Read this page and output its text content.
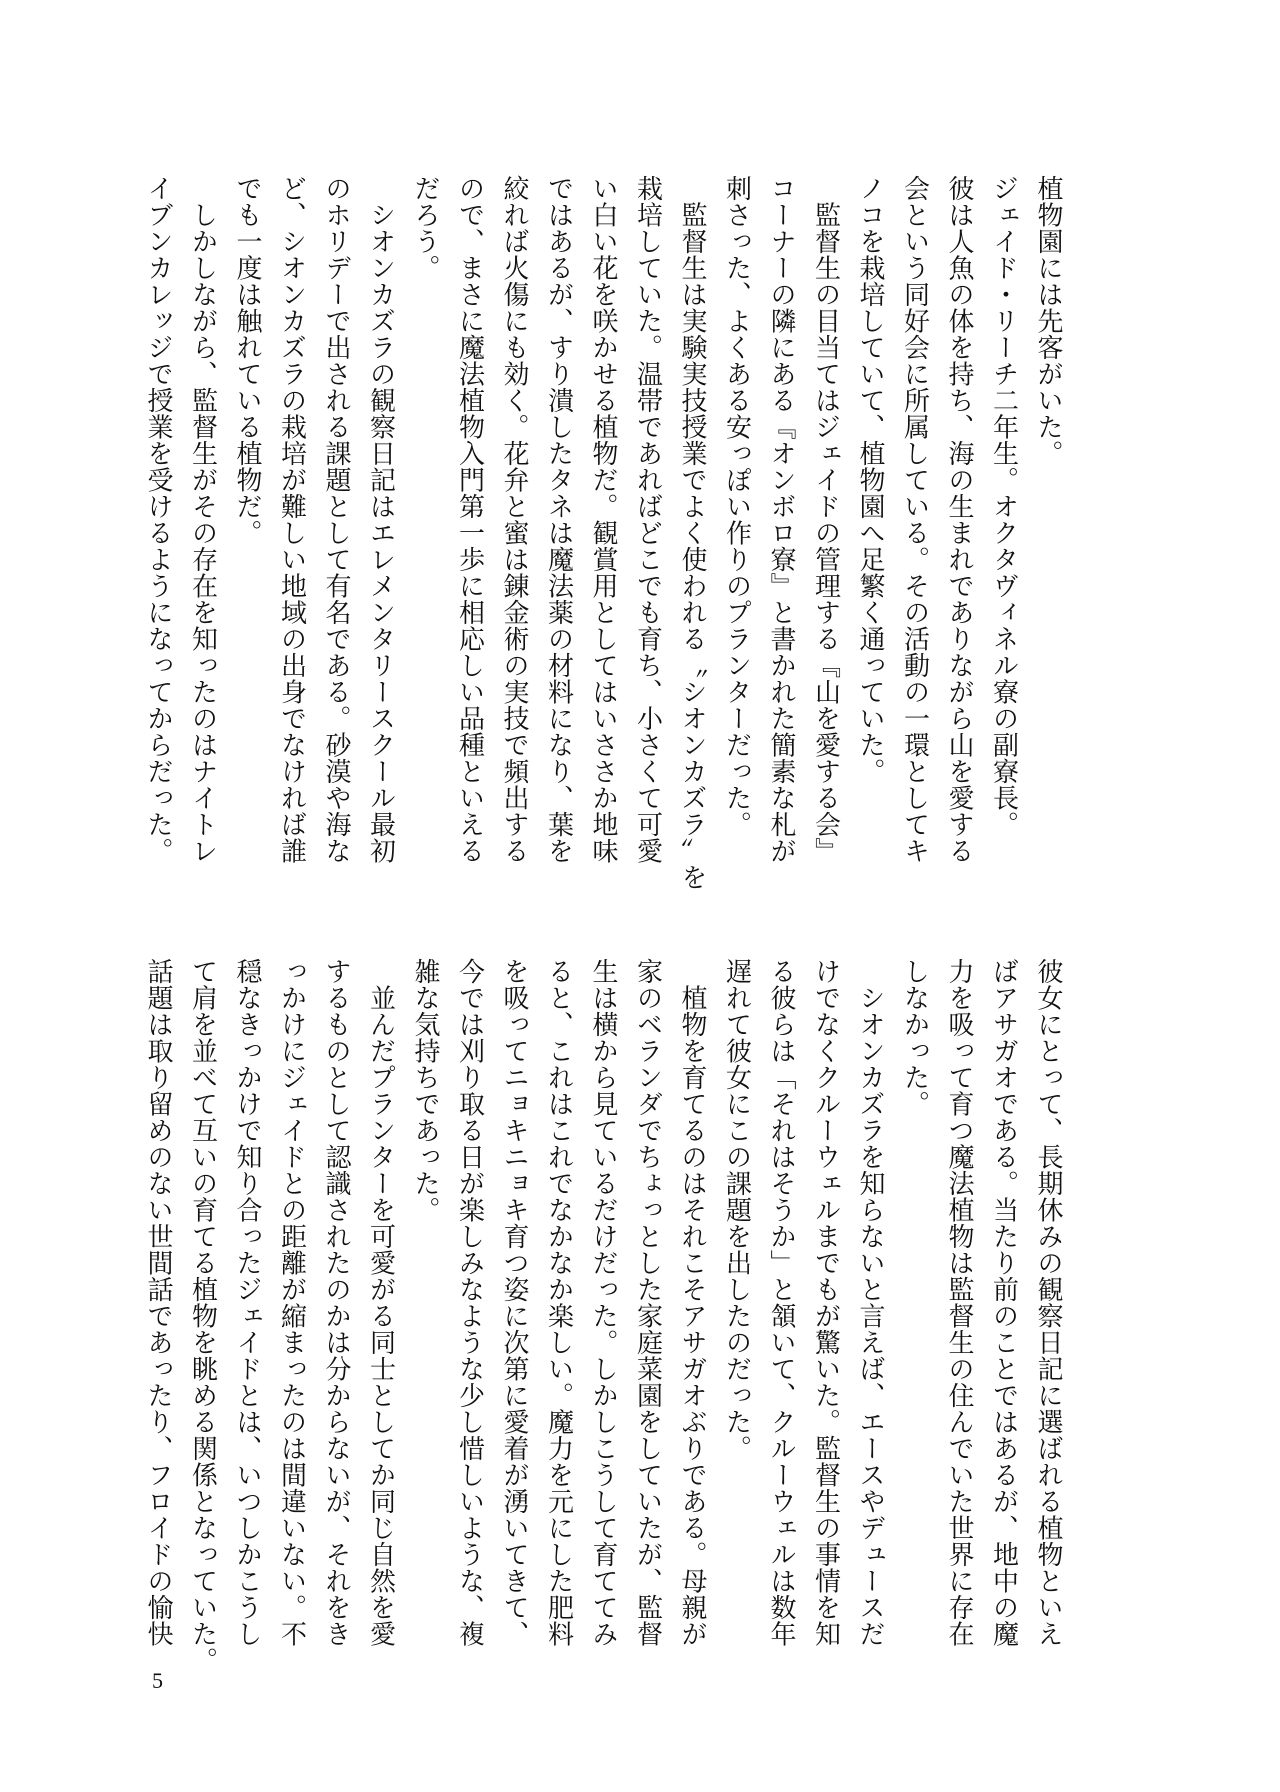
植物園には先客がいた。
ジェイド・リーチ二年生。オクタヴィネル寮の副寮長。
彼は人魚の体を持ち、海の生まれでありながら山を愛する
会という同好会に所属している。その活動の一環としてキ
ノコを栽培していて、植物園へ足繁く通っていた。
　監督生の目当てはジェイドの管理する『山を愛する会』
コーナーの隣にある『オンボロ寮』と書かれた簡素な札が
刺さった、よくある安っぽい作りのプランターだった。
　監督生は実験実技授業でよく使われる〝シオンカズラ〟を
栽培していた。温帯であればどこでも育ち、小さくて可愛
い白い花を咲かせる植物だ。観賞用としてはいささか地味
ではあるが、すり潰したタネは魔法薬の材料になり、葉を
絞れば火傷にも効く。花弁と蜜は錬金術の実技で頻出する
ので、まさに魔法植物入門第一歩に相応しい品種といえる
だろう。
　シオンカズラの観察日記はエレメンタリースクール最初
のホリデーで出される課題として有名である。砂漠や海な
ど、シオンカズラの栽培が難しい地域の出身でなければ誰
でも一度は触れている植物だ。
　しかしながら、監督生がその存在を知ったのはナイトレ
イブンカレッジで授業を受けるようになってからだった。
彼女にとって、長期休みの観察日記に選ばれる植物といえ
ばアサガオである。当たり前のことではあるが、地中の魔
力を吸って育つ魔法植物は監督生の住んでいた世界に存在
しなかった。
　シオンカズラを知らないと言えば、エースやデュースだ
けでなくクルーウェルまでもが驚いた。監督生の事情を知
る彼らは「それはそうか」と頷いて、クルーウェルは数年
遅れて彼女にこの課題を出したのだった。
　植物を育てるのはそれこそアサガオぶりである。母親が
家のベランダでちょっとした家庭菜園をしていたが、監督
生は横から見ているだけだった。しかしこうして育ててみ
ると、これはこれでなかなか楽しい。魔力を元にした肥料
を吸ってニョキニョキ育つ姿に次第に愛着が湧いてきて、
今では刈り取る日が楽しみなような少し惜しいような、複
雑な気持ちであった。
　並んだプランターを可愛がる同士としてか同じ自然を愛
するものとして認識されたのかは分からないが、それをき
っかけにジェイドとの距離が縮まったのは間違いない。不
穏なきっかけで知り合ったジェイドとは、いつしかこうし
て肩を並べて互いの育てる植物を眺める関係となっていた。
話題は取り留めのない世間話であったり、フロイドの愉快
5
